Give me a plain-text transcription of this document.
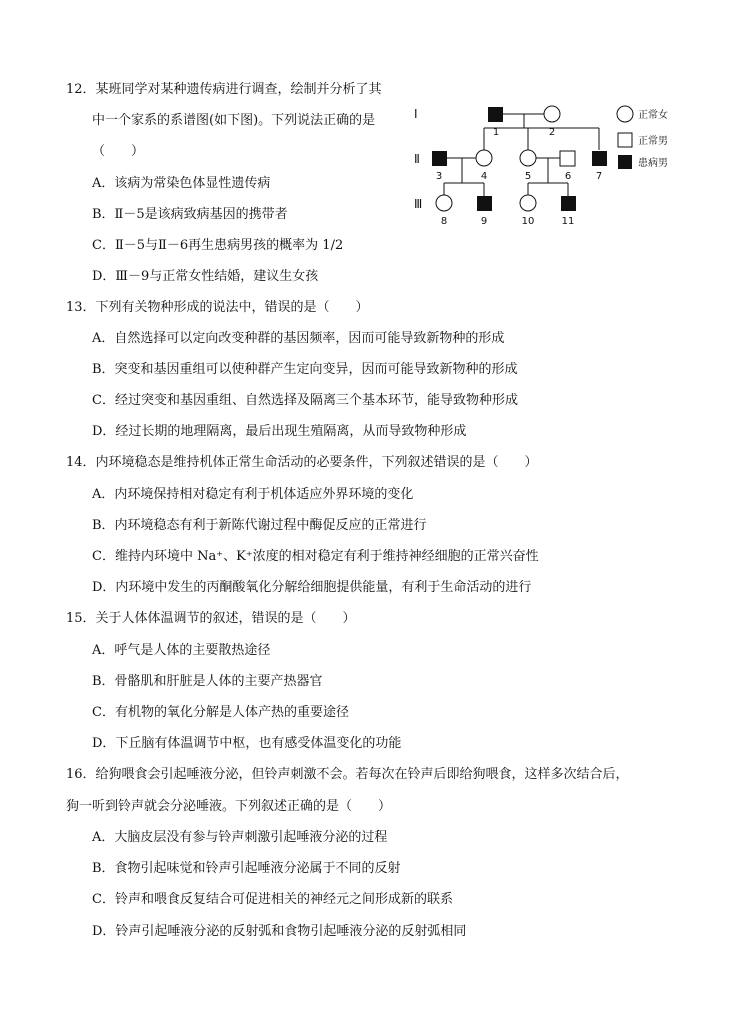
12．某班同学对某种遗传病进行调查，绘制并分析了其
中一个家系的系谱图(如下图)。下列说法正确的是
（　　）
A．该病为常染色体显性遗传病
B．Ⅱ－5是该病致病基因的携带者
C．Ⅱ－5与Ⅱ－6再生患病男孩的概率为 1/2
D．Ⅲ－9与正常女性结婚，建议生女孩
Ⅰ
Ⅱ
Ⅲ
1	2
3	4	5	6 7
8	9	10	11
正常女
正常男
患病男
13．下列有关物种形成的说法中，错误的是（　　）
A．自然选择可以定向改变种群的基因频率，因而可能导致新物种的形成
B．突变和基因重组可以使种群产生定向变异，因而可能导致新物种的形成
C．经过突变和基因重组、自然选择及隔离三个基本环节，能导致物种形成
D．经过长期的地理隔离，最后出现生殖隔离，从而导致物种形成
14．内环境稳态是维持机体正常生命活动的必要条件，下列叙述错误的是（　　）
A．内环境保持相对稳定有利于机体适应外界环境的变化
B．内环境稳态有利于新陈代谢过程中酶促反应的正常进行
C．维持内环境中 Na⁺、K⁺浓度的相对稳定有利于维持神经细胞的正常兴奋性
D．内环境中发生的丙酮酸氧化分解给细胞提供能量，有利于生命活动的进行
15．关于人体体温调节的叙述，错误的是（　　）
A．呼气是人体的主要散热途径
B．骨骼肌和肝脏是人体的主要产热器官
C．有机物的氧化分解是人体产热的重要途径
D．下丘脑有体温调节中枢，也有感受体温变化的功能
16．给狗喂食会引起唾液分泌，但铃声刺激不会。若每次在铃声后即给狗喂食，这样多次结合后，
狗一听到铃声就会分泌唾液。下列叙述正确的是（　　）
A．大脑皮层没有参与铃声刺激引起唾液分泌的过程
B．食物引起味觉和铃声引起唾液分泌属于不同的反射
C．铃声和喂食反复结合可促进相关的神经元之间形成新的联系
D．铃声引起唾液分泌的反射弧和食物引起唾液分泌的反射弧相同
